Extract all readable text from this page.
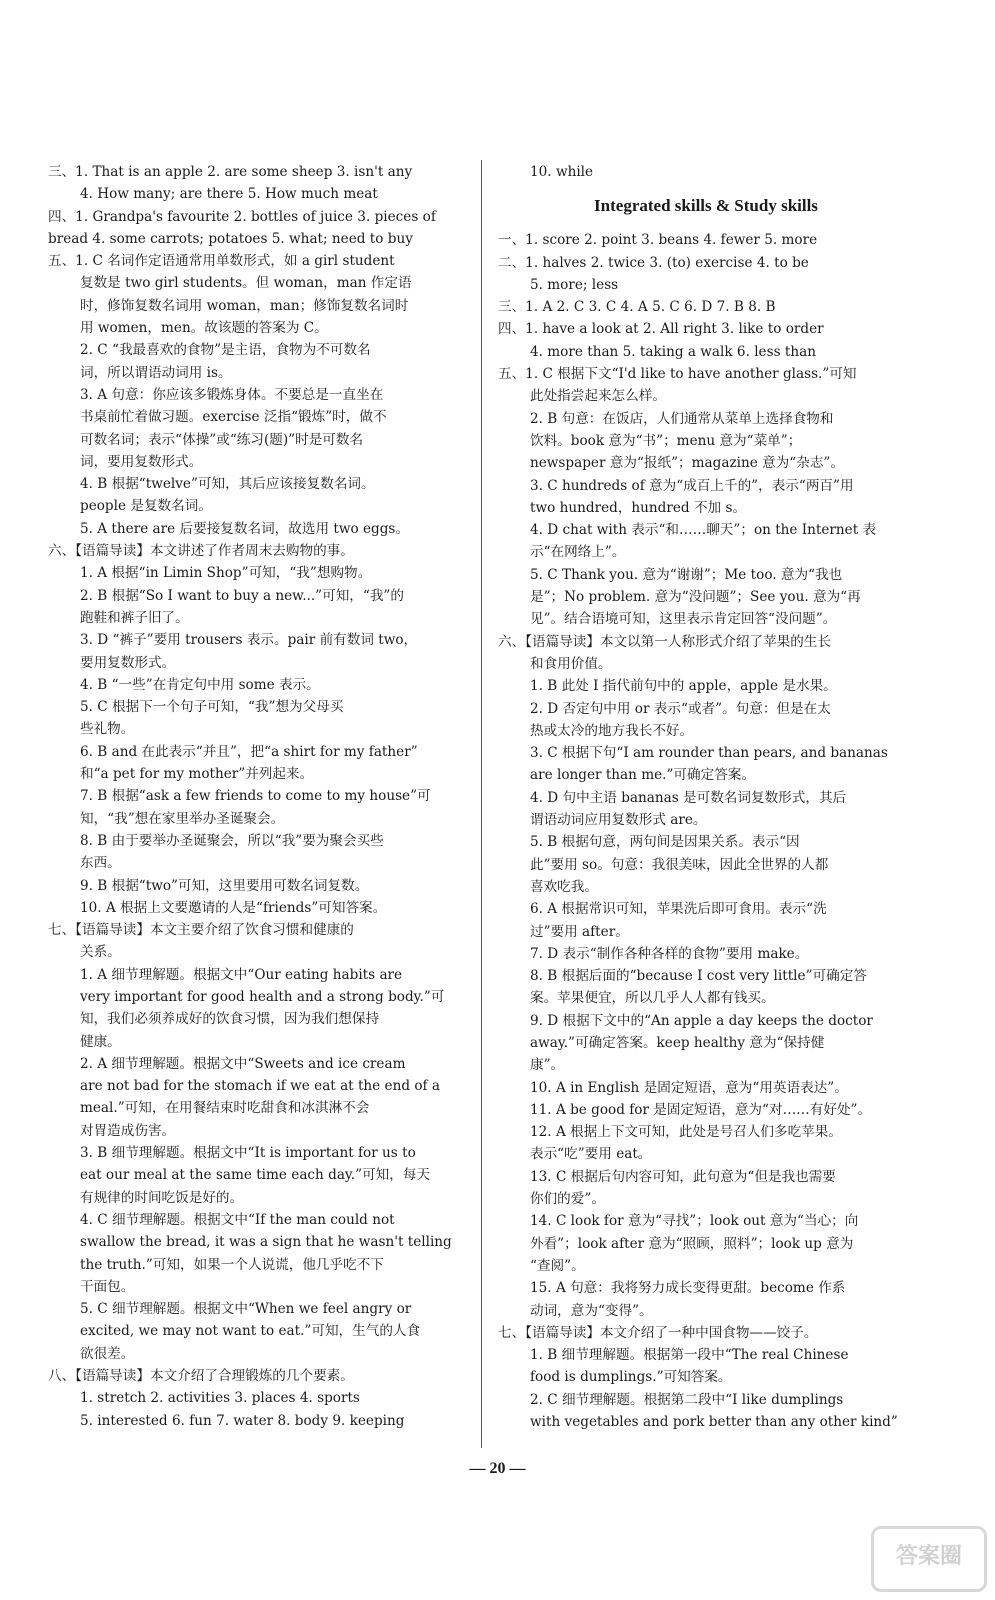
三、1. That is an apple 2. are some sheep 3. isn't any
4. How many; are there 5. How much meat
四、1. Grandpa's favourite 2. bottles of juice 3. pieces of
bread 4. some carrots; potatoes 5. what; need to buy
五、1. C 名词作定语通常用单数形式，如 a girl student
复数是 two girl students。但 woman，man 作定语
时，修饰复数名词用 woman，man；修饰复数名词时
用 women，men。故该题的答案为 C。
2. C “我最喜欢的食物”是主语，食物为不可数名
词，所以谓语动词用 is。
3. A 句意：你应该多锻炼身体。不要总是一直坐在
书桌前忙着做习题。exercise 泛指“锻炼”时，做不
可数名词；表示“体操”或“练习(题)”时是可数名
词，要用复数形式。
4. B 根据“twelve”可知，其后应该接复数名词。
people 是复数名词。
5. A there are 后要接复数名词，故选用 two eggs。
六、【语篇导读】本文讲述了作者周末去购物的事。
1. A 根据“in Limin Shop”可知，“我”想购物。
2. B 根据“So I want to buy a new...”可知，“我”的
跑鞋和裤子旧了。
3. D “裤子”要用 trousers 表示。pair 前有数词 two，
要用复数形式。
4. B “一些”在肯定句中用 some 表示。
5. C 根据下一个句子可知，“我”想为父母买
些礼物。
6. B and 在此表示“并且”，把“a shirt for my father”
和“a pet for my mother”并列起来。
7. B 根据“ask a few friends to come to my house”可
知，“我”想在家里举办圣诞聚会。
8. B 由于要举办圣诞聚会，所以“我”要为聚会买些
东西。
9. B 根据“two”可知，这里要用可数名词复数。
10. A 根据上文要邀请的人是“friends”可知答案。
七、【语篇导读】本文主要介绍了饮食习惯和健康的
关系。
1. A 细节理解题。根据文中“Our eating habits are
very important for good health and a strong body.”可
知，我们必须养成好的饮食习惯，因为我们想保持
健康。
2. A 细节理解题。根据文中“Sweets and ice cream
are not bad for the stomach if we eat at the end of a
meal.”可知，在用餐结束时吃甜食和冰淇淋不会
对胃造成伤害。
3. B 细节理解题。根据文中“It is important for us to
eat our meal at the same time each day.”可知，每天
有规律的时间吃饭是好的。
4. C 细节理解题。根据文中“If the man could not
swallow the bread, it was a sign that he wasn't telling
the truth.”可知，如果一个人说谎，他几乎吃不下
干面包。
5. C 细节理解题。根据文中“When we feel angry or
excited, we may not want to eat.”可知，生气的人食
欲很差。
八、【语篇导读】本文介绍了合理锻炼的几个要素。
1. stretch 2. activities 3. places 4. sports
5. interested 6. fun 7. water 8. body 9. keeping
10. while
Integrated skills & Study skills
一、1. score 2. point 3. beans 4. fewer 5. more
二、1. halves 2. twice 3. (to) exercise 4. to be
5. more; less
三、1. A 2. C 3. C 4. A 5. C 6. D 7. B 8. B
四、1. have a look at 2. All right 3. like to order
4. more than 5. taking a walk 6. less than
五、1. C 根据下文“I'd like to have another glass.”可知
此处指尝起来怎么样。
2. B 句意：在饭店，人们通常从菜单上选择食物和
饮料。book 意为“书”；menu 意为“菜单”；
newspaper 意为“报纸”；magazine 意为“杂志”。
3. C hundreds of 意为“成百上千的”，表示“两百”用
two hundred，hundred 不加 s。
4. D chat with 表示“和……聊天”；on the Internet 表
示“在网络上”。
5. C Thank you. 意为“谢谢”；Me too. 意为“我也
是”；No problem. 意为“没问题”；See you. 意为“再
见”。结合语境可知，这里表示肯定回答“没问题”。
六、【语篇导读】本文以第一人称形式介绍了苹果的生长
和食用价值。
1. B 此处 I 指代前句中的 apple，apple 是水果。
2. D 否定句中用 or 表示“或者”。句意：但是在太
热或太冷的地方我长不好。
3. C 根据下句“I am rounder than pears, and bananas
are longer than me.”可确定答案。
4. D 句中主语 bananas 是可数名词复数形式，其后
谓语动词应用复数形式 are。
5. B 根据句意，两句间是因果关系。表示“因
此”要用 so。句意：我很美味，因此全世界的人都
喜欢吃我。
6. A 根据常识可知，苹果洗后即可食用。表示“洗
过”要用 after。
7. D 表示“制作各种各样的食物”要用 make。
8. B 根据后面的“because I cost very little”可确定答
案。苹果便宜，所以几乎人人都有钱买。
9. D 根据下文中的“An apple a day keeps the doctor
away.”可确定答案。keep healthy 意为“保持健
康”。
10. A in English 是固定短语，意为“用英语表达”。
11. A be good for 是固定短语，意为“对……有好处”。
12. A 根据上下文可知，此处是号召人们多吃苹果。
表示“吃”要用 eat。
13. C 根据后句内容可知，此句意为“但是我也需要
你们的爱”。
14. C look for 意为“寻找”；look out 意为“当心；向
外看”；look after 意为“照顾，照料”；look up 意为
“查阅”。
15. A 句意：我将努力成长变得更甜。become 作系
动词，意为“变得”。
七、【语篇导读】本文介绍了一种中国食物——饺子。
1. B 细节理解题。根据第一段中“The real Chinese
food is dumplings.”可知答案。
2. C 细节理解题。根据第二段中“I like dumplings
with vegetables and pork better than any other kind”
— 20 —
答案圈
